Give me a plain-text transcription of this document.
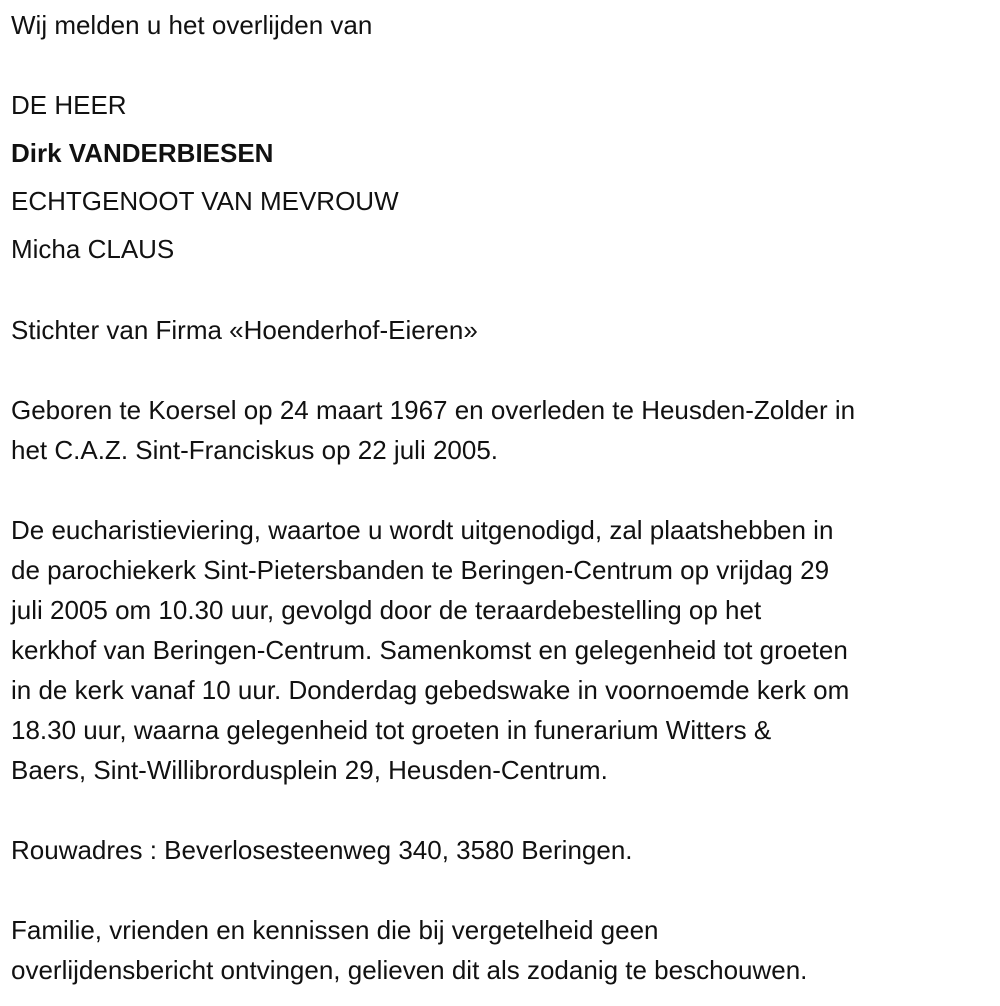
Wij melden u het overlijden van
DE HEER
Dirk VANDERBIESEN
ECHTGENOOT VAN MEVROUW
Micha CLAUS
Stichter van Firma «Hoenderhof-Eieren»
Geboren te Koersel op 24 maart 1967 en overleden te Heusden-Zolder in
het C.A.Z. Sint-Franciskus op 22 juli 2005.
De eucharistieviering, waartoe u wordt uitgenodigd, zal plaatshebben in
de parochiekerk Sint-Pietersbanden te Beringen-Centrum op vrijdag 29
juli 2005 om 10.30 uur, gevolgd door de teraardebestelling op het
kerkhof van Beringen-Centrum. Samenkomst en gelegenheid tot groeten
in de kerk vanaf 10 uur. Donderdag gebedswake in voornoemde kerk om
18.30 uur, waarna gelegenheid tot groeten in funerarium Witters &
Baers, Sint-Willibrordusplein 29, Heusden-Centrum.
Rouwadres : Beverlosesteenweg 340, 3580 Beringen.
Familie, vrienden en kennissen die bij vergetelheid geen
overlijdensbericht ontvingen, gelieven dit als zodanig te beschouwen.
